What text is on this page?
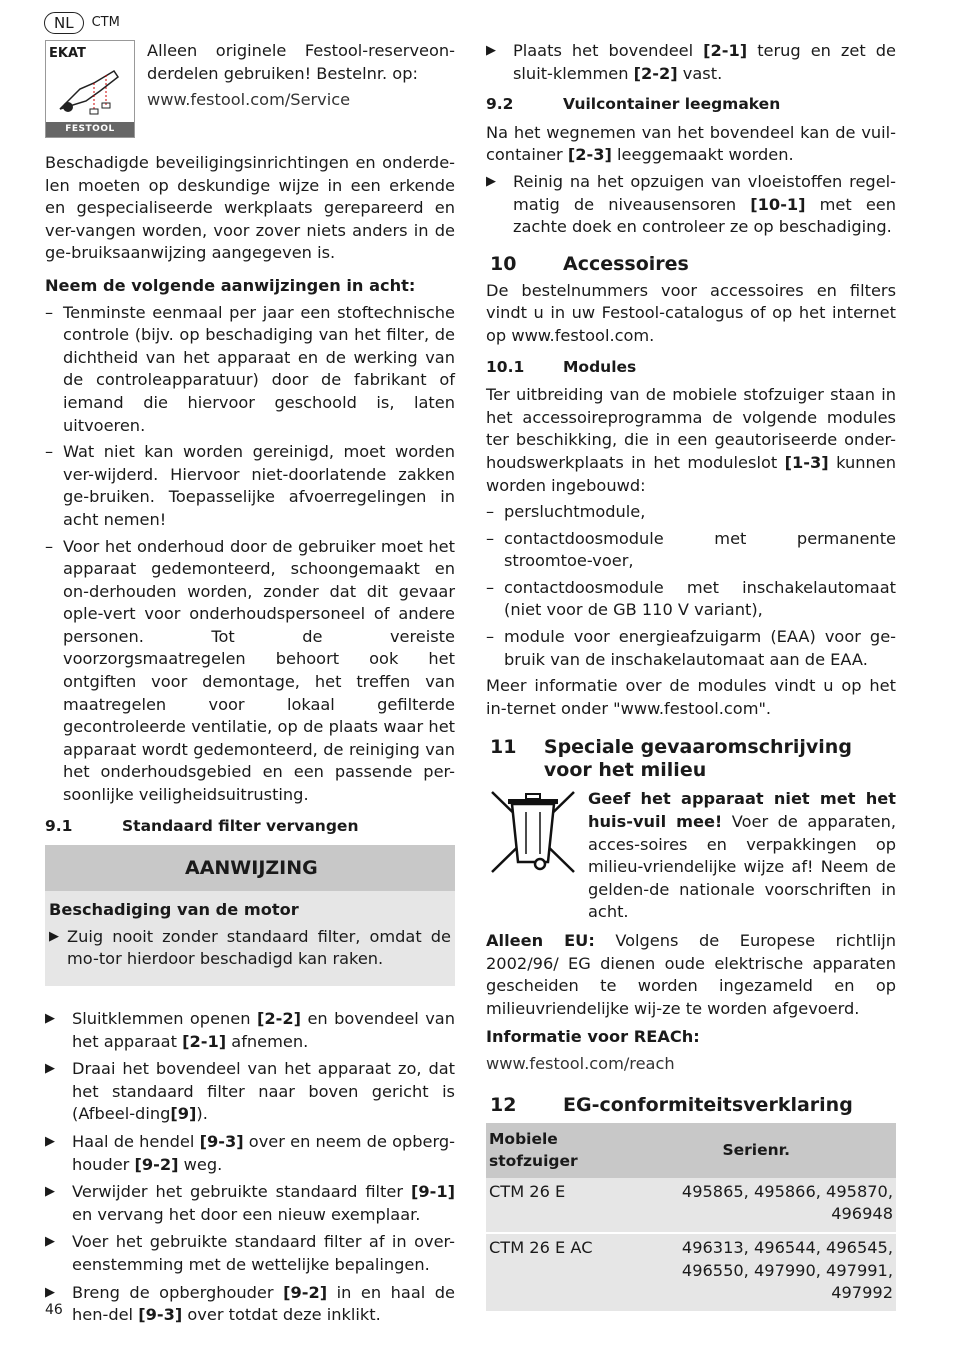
NL	CTM
EKAT
FESTOOL

Alleen originele Festool-reserveon-derdelen gebruiken! Bestelnr. op:

www.festool.com/Service

Beschadigde beveiligingsinrichtingen en onderde-len moeten op deskundige wijze in een erkende en gespecialiseerde werkplaats gerepareerd en ver-vangen worden, voor zover niets anders in de ge-bruiksaanwijzing aangegeven is.

Neem de volgende aanwijzingen in acht:

– Tenminste eenmaal per jaar een stoftechnische controle (bijv. op beschadiging van het filter, de dichtheid van het apparaat en de werking van de controleapparatuur) door de fabrikant of iemand die hiervoor geschoold is, laten uitvoeren.
– Wat niet kan worden gereinigd, moet worden ver-wijderd. Hiervoor niet-doorlatende zakken ge-bruiken. Toepasselijke afvoerregelingen in acht nemen!
– Voor het onderhoud door de gebruiker moet het apparaat gedemonteerd, schoongemaakt en on-derhouden worden, zonder dat dit gevaar ople-vert voor onderhoudspersoneel of andere personen. Tot de vereiste voorzorgsmaatregelen behoort ook het ontgiften voor demontage, het treffen van maatregelen voor lokaal gefilterde gecontroleerde ventilatie, op de plaats waar het apparaat wordt gedemonteerd, de reiniging van het onderhoudsgebied en een passende per-soonlijke veiligheidsuitrusting.
9.1	Standaard filter vervangen
AANWIJZING

Beschadiging van de motor

▶ Zuig nooit zonder standaard filter, omdat de mo-tor hierdoor beschadigd kan raken.
▶ Sluitklemmen openen [2-2] en bovendeel van het apparaat [2-1] afnemen.
▶ Draai het bovendeel van het apparaat zo, dat het standaard filter naar boven gericht is (Afbeel-ding[9]).
▶ Haal de hendel [9-3] over en neem de opberg-houder [9-2] weg.
▶ Verwijder het gebruikte standaard filter [9-1] en vervang het door een nieuw exemplaar.
▶ Voer het gebruikte standaard filter af in over-eenstemming met de wettelijke bepalingen.
▶ Breng de opberghouder [9-2] in en haal de hen-del [9-3] over totdat deze inklikt.
▶ Plaats het bovendeel [2-1] terug en zet de sluit-klemmen [2-2] vast.
9.2	Vuilcontainer leegmaken

Na het wegnemen van het bovendeel kan de vuil-container [2-3] leeggemaakt worden.

▶ Reinig na het opzuigen van vloeistoffen regel-matig de niveausensoren [10-1] met een zachte doek en controleer ze op beschadiging.
10	Accessoires

De bestelnummers voor accessoires en filters vindt u in uw Festool-catalogus of op het internet op www.festool.com.

10.1	Modules

Ter uitbreiding van de mobiele stofzuiger staan in het accessoireprogramma de volgende modules ter beschikking, die in een geautoriseerde onder-houdswerkplaats in het moduleslot [1-3] kunnen worden ingebouwd:

– persluchtmodule,
– contactdoosmodule met permanente stroomtoe-voer,
– contactdoosmodule met inschakelautomaat (niet voor de GB 110 V variant),
– module voor energieafzuigarm (EAA) voor ge-bruik van de inschakelautomaat aan de EAA.

Meer informatie over de modules vindt u op het in-ternet onder "www.festool.com".

11	Speciale gevaaromschrijving voor het milieu

Geef het apparaat niet met het huis-vuil mee! Voer de apparaten, acces-soires en verpakkingen op milieu-vriendelijke wijze af! Neem de gelden-de nationale voorschriften in acht.

Alleen EU: Volgens de Europese richtlijn 2002/96/ EG dienen oude elektrische apparaten gescheiden te worden ingezameld en op milieuvriendelijke wij-ze te worden afgevoerd.

Informatie voor REACh:

www.festool.com/reach
12	EG-conformiteitsverklaring
Mobiele stofzuiger	Serienr.
CTM 26 E	495865, 495866, 495870, 496948
CTM 26 E AC	496313, 496544, 496545, 496550, 497990, 497991, 497992
46
